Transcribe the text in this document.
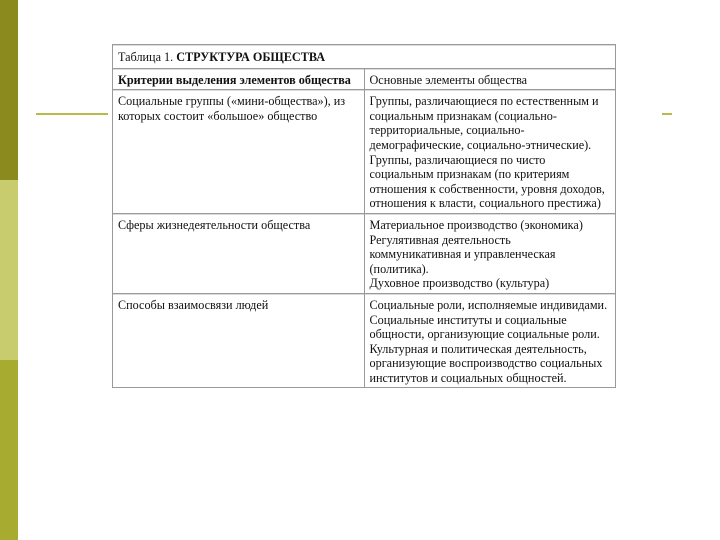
Таблица 1. СТРУКТУРА ОБЩЕСТВА	
Критерии выделения элементов общества	Основные элементы общества
Социальные группы («мини-общества»), из которых состоит «большое» общество	Группы, различающиеся по естественным и социальным признакам (социально-территориальные, социально-демографические, социально-этнические). Группы, различающиеся по чисто социальным признакам (по критериям отношения к собственности, уровня доходов, отношения к власти, социального престижа)
Сферы жизнедеятельности общества	Материальное производство (экономика)
Регулятивная деятельность
коммуникативная и управленческая (политика).
Духовное производство (культура)

Способы взаимосвязи людей	Социальные роли, исполняемые индивидами. Социальные институты и социальные общности, организующие социальные роли. Культурная и политическая деятельность, организующие воспроизводство социальных институтов и социальных общностей.
